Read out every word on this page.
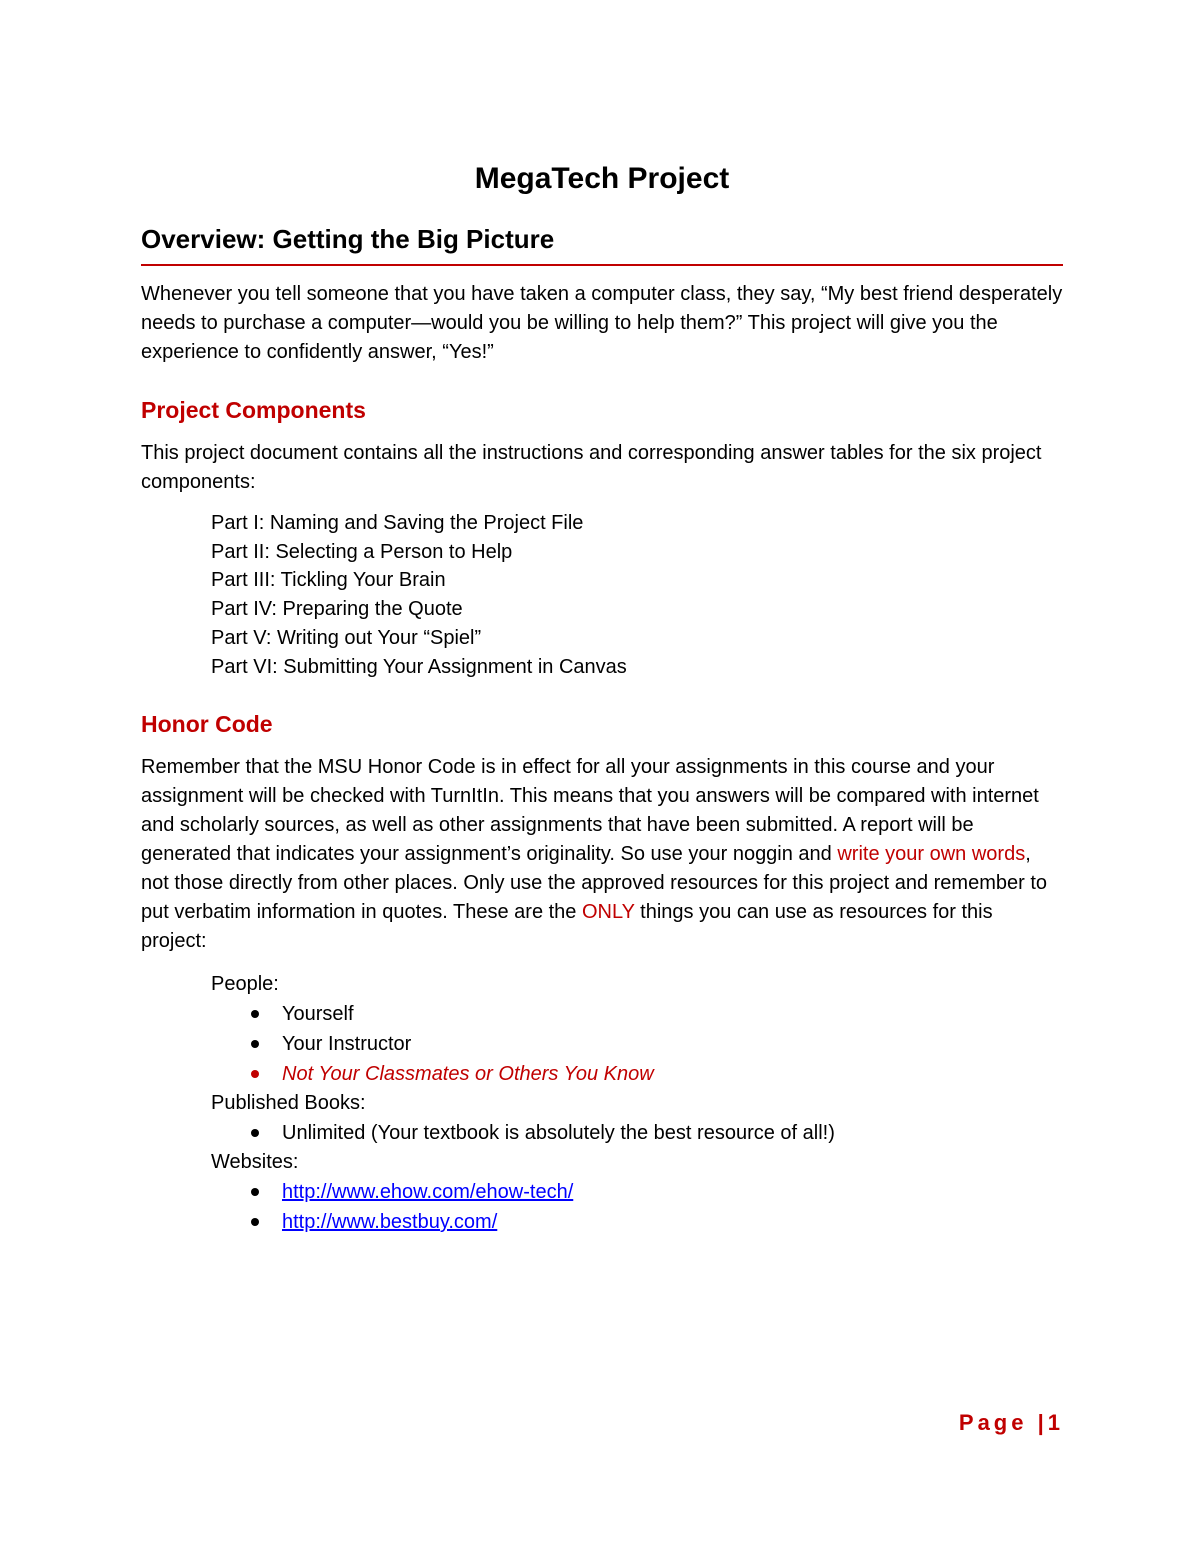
MegaTech Project
Overview: Getting the Big Picture

Whenever you tell someone that you have taken a computer class, they say, “My best friend desperately needs to purchase a computer—would you be willing to help them?” This project will give you the experience to confidently answer, “Yes!”

Project Components

This project document contains all the instructions and corresponding answer tables for the six project components:

Part I: Naming and Saving the Project File
Part II: Selecting a Person to Help
Part III: Tickling Your Brain
Part IV: Preparing the Quote
Part V: Writing out Your “Spiel”
Part VI: Submitting Your Assignment in Canvas
Honor Code

Remember that the MSU Honor Code is in effect for all your assignments in this course and your assignment will be checked with TurnItIn. This means that you answers will be compared with internet and scholarly sources, as well as other assignments that have been submitted. A report will be generated that indicates your assignment’s originality. So use your noggin and write your own words, not those directly from other places. Only use the approved resources for this project and remember to put verbatim information in quotes. These are the ONLY things you can use as resources for this project:

People:
Yourself
Your Instructor
Not Your Classmates or Others You Know
Published Books:
Unlimited (Your textbook is absolutely the best resource of all!)
Websites:
http://www.ehow.com/ehow-tech/
http://www.bestbuy.com/
Page |1
